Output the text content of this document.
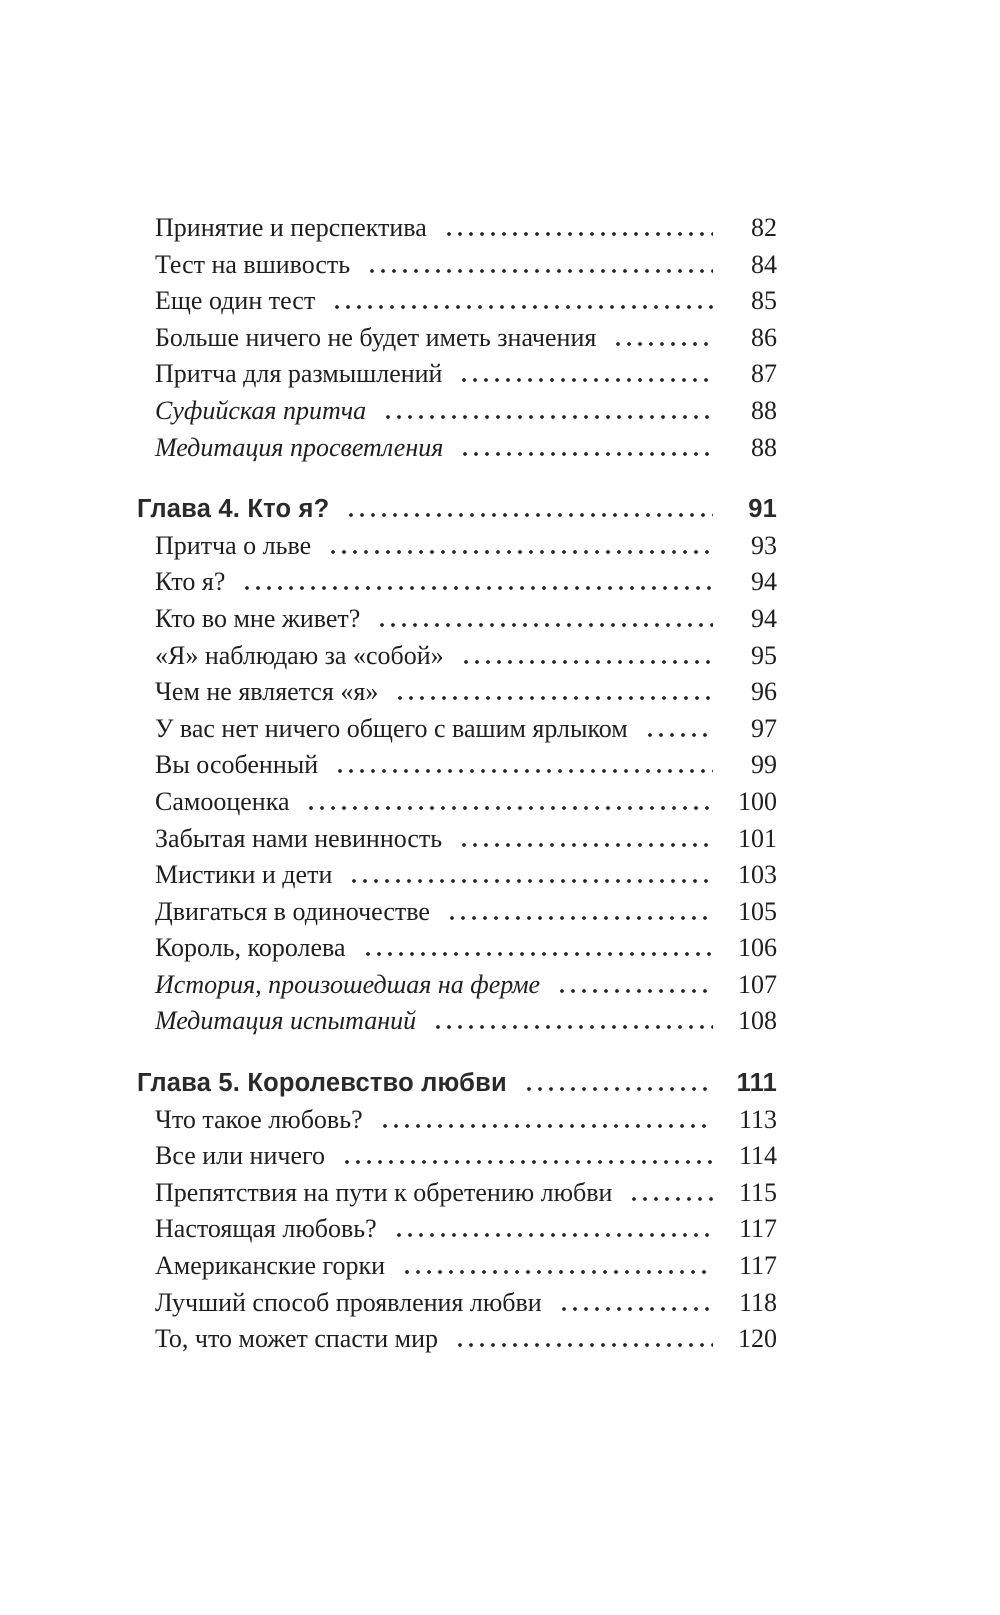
Принятие и перспектива	82
Тест на вшивость	84
Еще один тест	85
Больше ничего не будет иметь значения	86
Притча для размышлений	87
Суфийская притча	88
Медитация просветления	88
Глава 4. Кто я?	91
Притча о льве	93
Кто я?	94
Кто во мне живет?	94
«Я» наблюдаю за «собой»	95
Чем не является «я»	96
У вас нет ничего общего с вашим ярлыком	97
Вы особенный	99
Самооценка	100
Забытая нами невинность	101
Мистики и дети	103
Двигаться в одиночестве	105
Король, королева	106
История, произошедшая на ферме	107
Медитация испытаний	108
Глава 5. Королевство любви	111
Что такое любовь?	113
Все или ничего	114
Препятствия на пути к обретению любви	115
Настоящая любовь?	117
Американские горки	117
Лучший способ проявления любви	118
То, что может спасти мир	120
